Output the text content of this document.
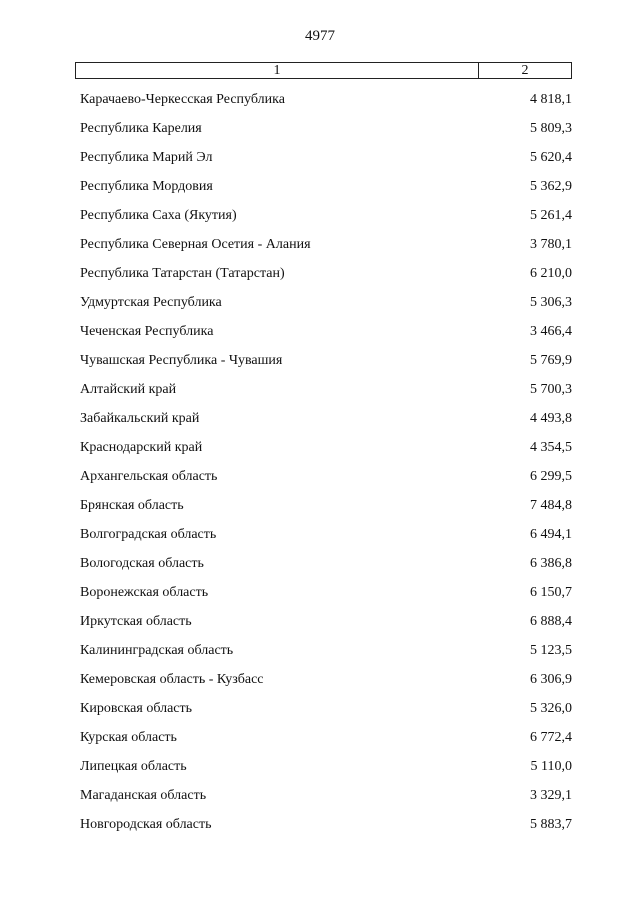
4977
1	2
Карачаево-Черкесская Республика	4 818,1
Республика Карелия	5 809,3
Республика Марий Эл	5 620,4
Республика Мордовия	5 362,9
Республика Саха (Якутия)	5 261,4
Республика Северная Осетия - Алания	3 780,1
Республика Татарстан (Татарстан)	6 210,0
Удмуртская Республика	5 306,3
Чеченская Республика	3 466,4
Чувашская Республика - Чувашия	5 769,9
Алтайский край	5 700,3
Забайкальский край	4 493,8
Краснодарский край	4 354,5
Архангельская область	6 299,5
Брянская область	7 484,8
Волгоградская область	6 494,1
Вологодская область	6 386,8
Воронежская область	6 150,7
Иркутская область	6 888,4
Калининградская область	5 123,5
Кемеровская область - Кузбасс	6 306,9
Кировская область	5 326,0
Курская область	6 772,4
Липецкая область	5 110,0
Магаданская область	3 329,1
Новгородская область	5 883,7
